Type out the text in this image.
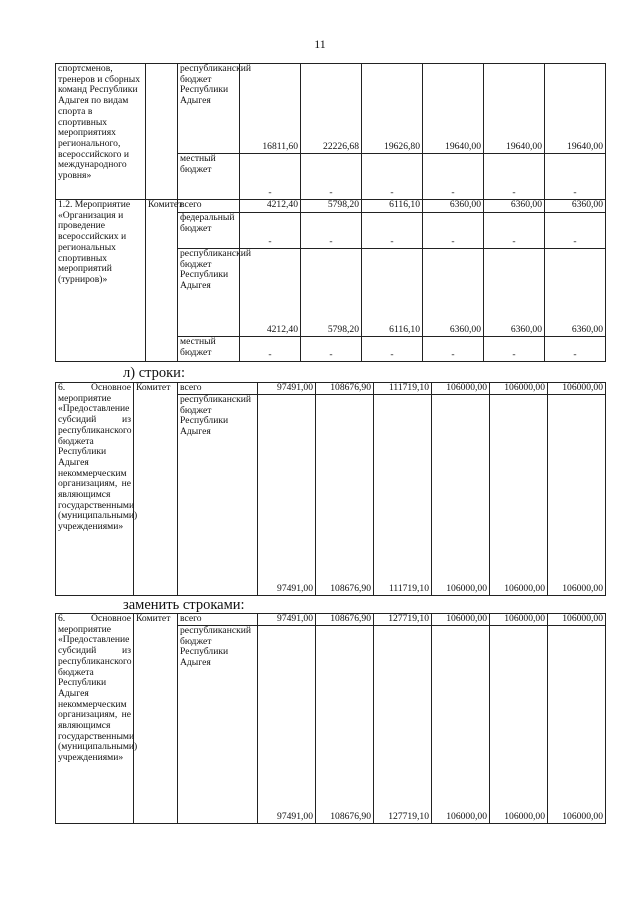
11
спортсменов, тренеров и сборных команд Республики Адыгея по видам спорта в спортивных мероприятиях регионального, всероссийского и международного уровня»		республиканский бюджет Республики Адыгея	16811,60	22226,68	19626,80	19640,00	19640,00	19640,00
		местный бюджет	-	-	-	-	-	-
1.2. Мероприятие «Организация и проведение всероссийских и региональных спортивных мероприятий (турниров)»	Комитет	всего	4212,40	5798,20	6116,10	6360,00	6360,00	6360,00
		федеральный бюджет	-	-	-	-	-	-
		республиканский бюджет Республики Адыгея	4212,40	5798,20	6116,10	6360,00	6360,00	6360,00
		местный бюджет	-	-	-	-	-	-
л) строки:
6. Основное мероприятие «Предоставление субсидий из республиканского бюджета Республики Адыгея некоммерческим организациям, не являющимся государственными (муниципальными) учреждениями»	Комитет	всего	97491,00	108676,90	111719,10	106000,00	106000,00	106000,00
		республиканский бюджет Республики Адыгея	97491,00	108676,90	111719,10	106000,00	106000,00	106000,00
заменить строками:
6. Основное мероприятие «Предоставление субсидий из республиканского бюджета Республики Адыгея некоммерческим организациям, не являющимся государственными (муниципальными) учреждениями»	Комитет	всего	97491,00	108676,90	127719,10	106000,00	106000,00	106000,00
		республиканский бюджет Республики Адыгея	97491,00	108676,90	127719,10	106000,00	106000,00	106000,00
